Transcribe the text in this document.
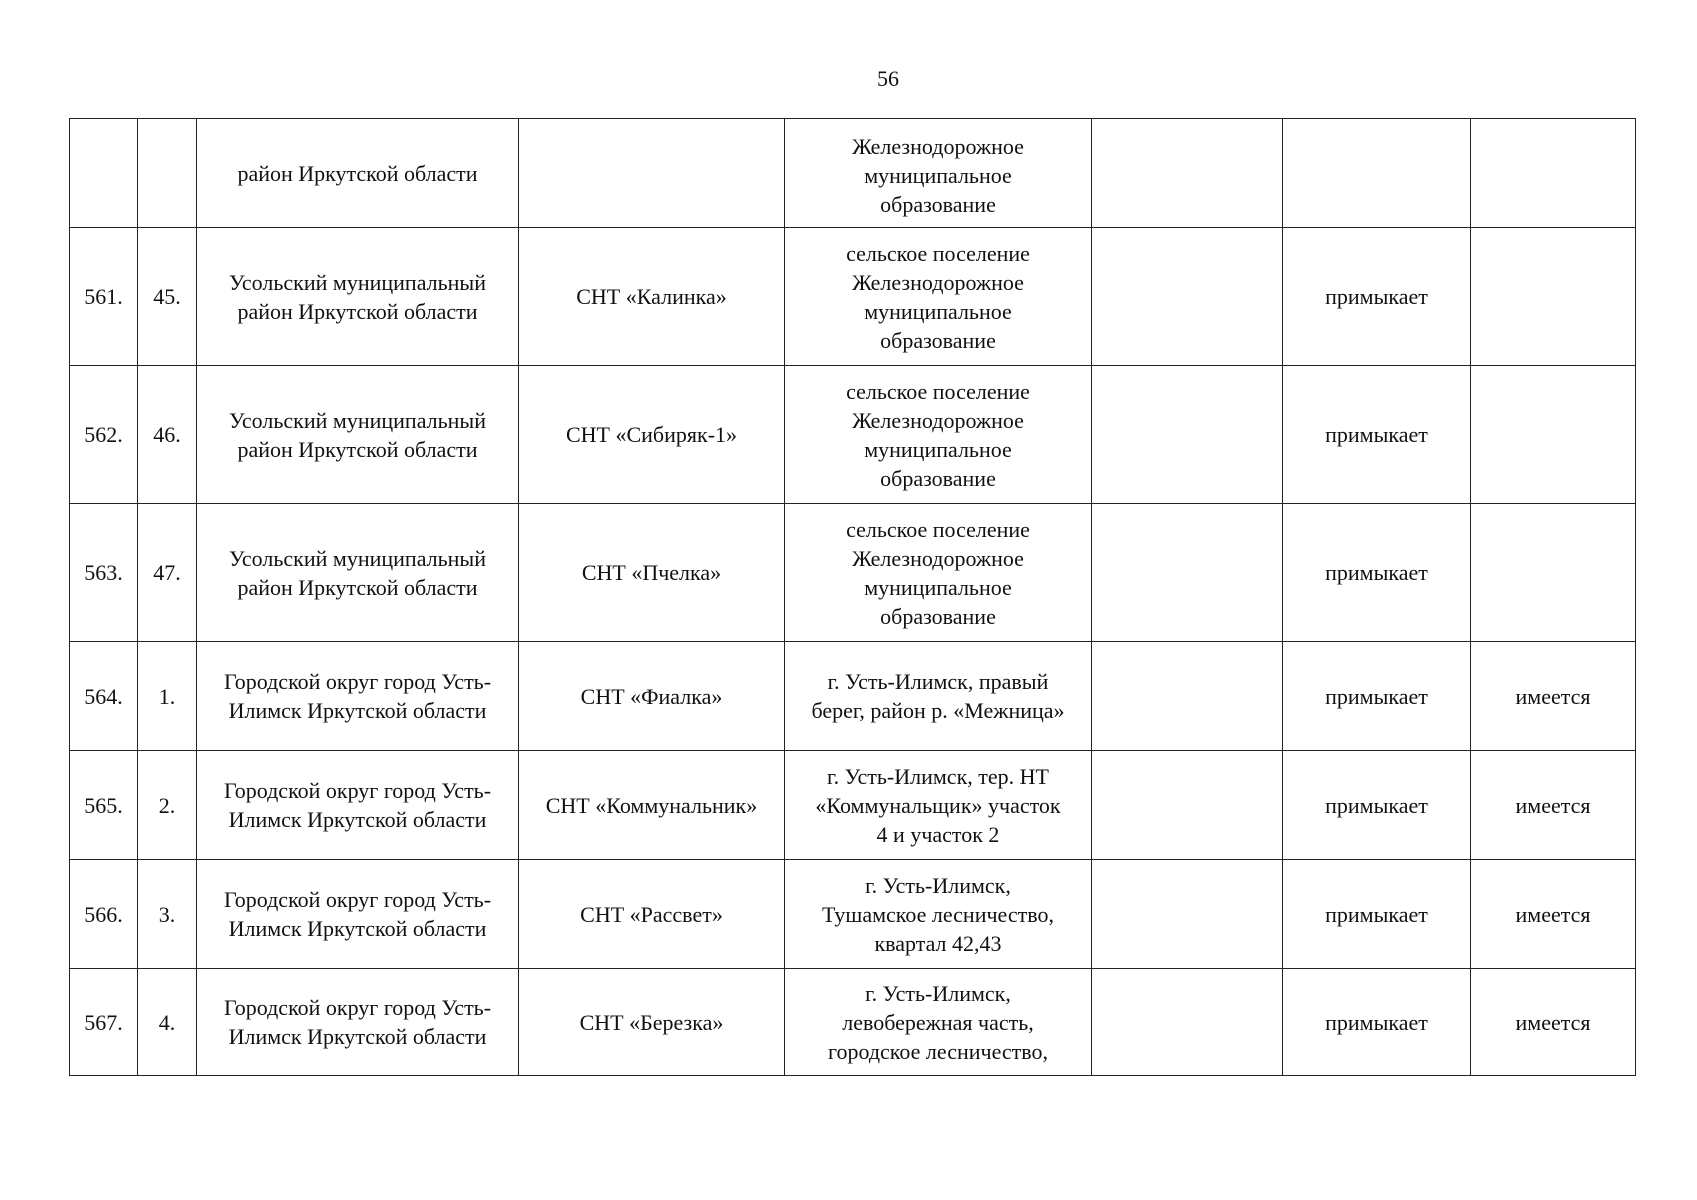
56
		район Иркутской области		Железнодорожное
муниципальное
образование			

561.	45.	Усольский муниципальный район Иркутской области	СНТ «Калинка»	сельское поселение
Железнодорожное
муниципальное
образование		примыкает	
562.	46.	Усольский муниципальный район Иркутской области	СНТ «Сибиряк-1»	сельское поселение
Железнодорожное
муниципальное
образование		примыкает	
563.	47.	Усольский муниципальный район Иркутской области	СНТ «Пчелка»	сельское поселение
Железнодорожное
муниципальное
образование		примыкает	
564.	1.	Городской округ город Усть-Илимск Иркутской области	СНТ «Фиалка»	г. Усть-Илимск, правый
берег, район р. «Межница»		примыкает	имеется
565.	2.	Городской округ город Усть-Илимск Иркутской области	СНТ «Коммунальник»	г. Усть-Илимск, тер. НТ
«Коммунальщик» участок
4 и участок 2		примыкает	имеется
566.	3.	Городской округ город Усть-Илимск Иркутской области	СНТ «Рассвет»	г. Усть-Илимск,
Тушамское лесничество,
квартал 42,43		примыкает	имеется
567.	4.	Городской округ город Усть-Илимск Иркутской области	СНТ «Березка»	г. Усть-Илимск,
левобережная часть,
городское лесничество,		примыкает	имеется
